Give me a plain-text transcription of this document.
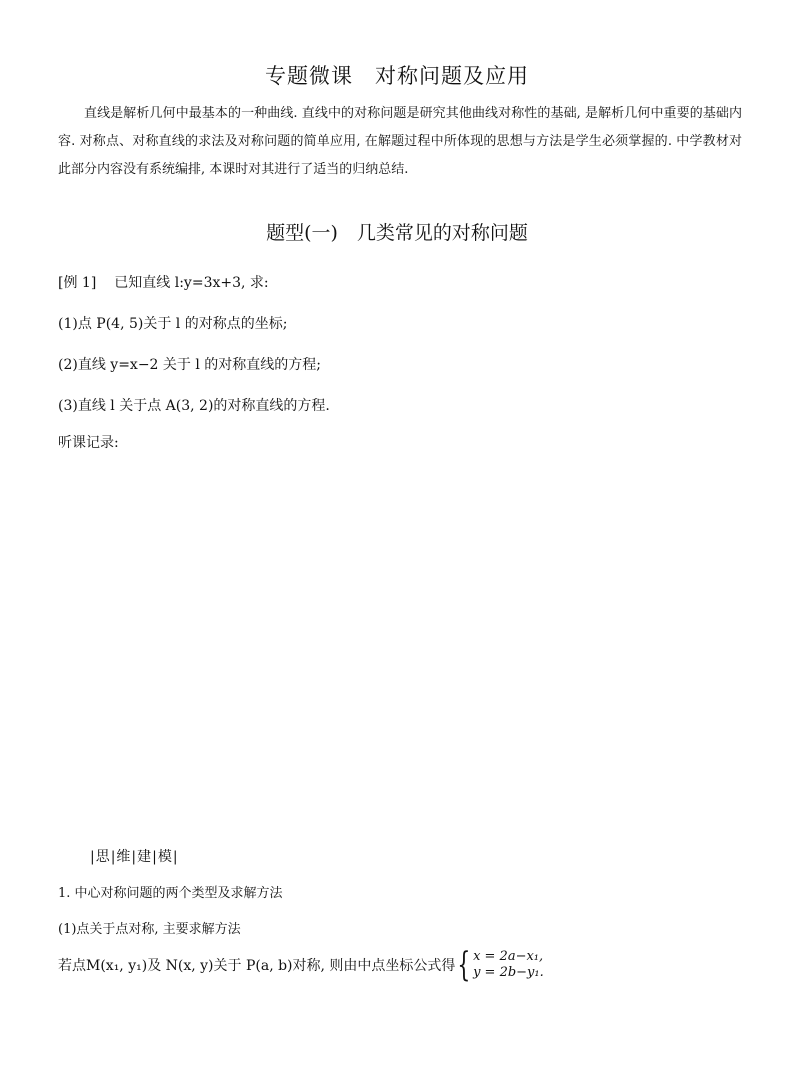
专题微课　对称问题及应用
直线是解析几何中最基本的一种曲线. 直线中的对称问题是研究其他曲线对称性的基础, 是解析几何中重要的基础内容. 对称点、对称直线的求法及对称问题的简单应用, 在解题过程中所体现的思想与方法是学生必须掌握的. 中学教材对此部分内容没有系统编排, 本课时对其进行了适当的归纳总结.
题型(一)　几类常见的对称问题
[例 1] 已知直线 l:y=3x+3, 求:
(1)点 P(4, 5)关于 l 的对称点的坐标;
(2)直线 y=x−2 关于 l 的对称直线的方程;
(3)直线 l 关于点 A(3, 2)的对称直线的方程.
听课记录:
|思|维|建|模|
1. 中心对称问题的两个类型及求解方法
(1)点关于点对称, 主要求解方法
若点M(x₁, y₁)及 N(x, y)关于 P(a, b)对称, 则由中点坐标公式得 { x = 2a−x₁,
y = 2b−y₁.
